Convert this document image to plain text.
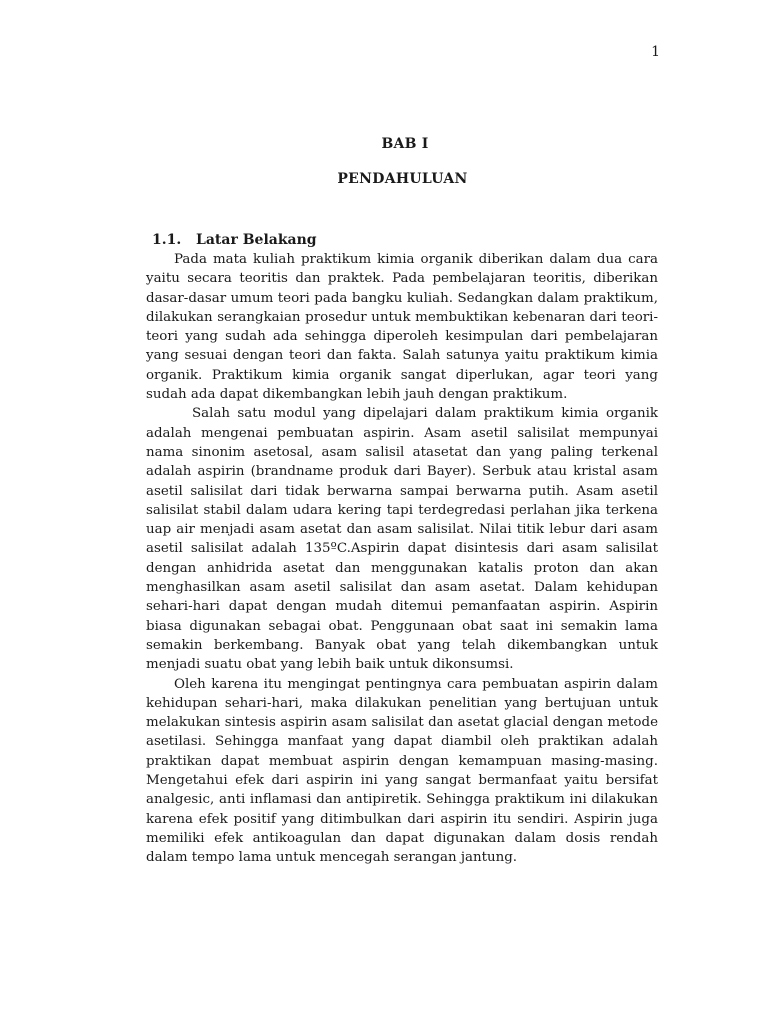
1
BAB I
PENDAHULUAN
1.1. Latar Belakang

Pada mata kuliah praktikum kimia organik diberikan dalam dua cara yaitu secara teoritis dan praktek. Pada pembelajaran teoritis, diberikan dasar-dasar umum teori pada bangku kuliah. Sedangkan dalam praktikum, dilakukan serangkaian prosedur untuk membuktikan kebenaran dari teori-teori yang sudah ada sehingga diperoleh kesimpulan dari pembelajaran yang sesuai dengan teori dan fakta. Salah satunya yaitu praktikum kimia organik. Praktikum kimia organik sangat diperlukan, agar teori yang sudah ada dapat dikembangkan lebih jauh dengan praktikum.

Salah satu modul yang dipelajari dalam praktikum kimia organik adalah mengenai pembuatan aspirin. Asam asetil salisilat mempunyai nama sinonim asetosal, asam salisil atasetat dan yang paling terkenal adalah aspirin (brandname produk dari Bayer). Serbuk atau kristal asam asetil salisilat dari tidak berwarna sampai berwarna putih. Asam asetil salisilat stabil dalam udara kering tapi terdegredasi perlahan jika terkena uap air menjadi asam asetat dan asam salisilat. Nilai titik lebur dari asam asetil salisilat adalah 135ºC.Aspirin dapat disintesis dari asam salisilat dengan anhidrida asetat dan menggunakan katalis proton dan akan menghasilkan asam asetil salisilat dan asam asetat. Dalam kehidupan sehari-hari dapat dengan mudah ditemui pemanfaatan aspirin. Aspirin biasa digunakan sebagai obat. Penggunaan obat saat ini semakin lama semakin berkembang. Banyak obat yang telah dikembangkan untuk menjadi suatu obat yang lebih baik untuk dikonsumsi.

Oleh karena itu mengingat pentingnya cara pembuatan aspirin dalam kehidupan sehari-hari, maka dilakukan penelitian yang bertujuan untuk melakukan sintesis aspirin asam salisilat dan asetat glacial dengan metode asetilasi. Sehingga manfaat yang dapat diambil oleh praktikan adalah praktikan dapat membuat aspirin dengan kemampuan masing-masing. Mengetahui efek dari aspirin ini yang sangat bermanfaat yaitu bersifat analgesic, anti inflamasi dan antipiretik. Sehingga praktikum ini dilakukan karena efek positif yang ditimbulkan dari aspirin itu sendiri. Aspirin juga memiliki efek antikoagulan dan dapat digunakan dalam dosis rendah dalam tempo lama untuk mencegah serangan jantung.
